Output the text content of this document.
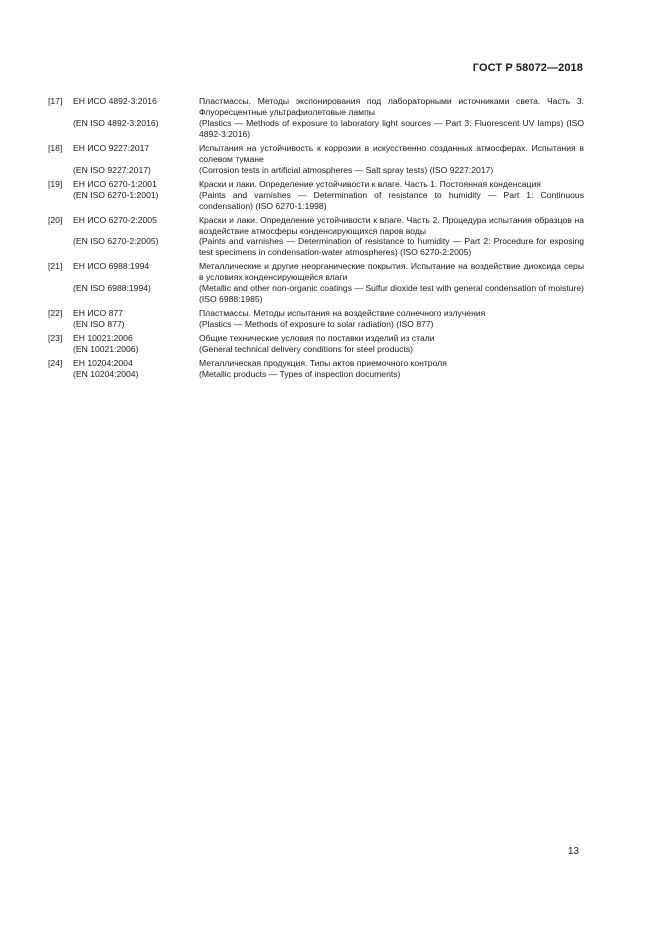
ГОСТ Р 58072—2018
[17]	ЕН ИСО 4892-3:2016	Пластмассы. Методы экспонирования под лабораторными источниками света. Часть 3. Флуоресцентные ультрафиолетовые лампы
(EN ISO 4892-3:2016)	(Plastics — Methods of exposure to laboratory light sources — Part 3: Fluorescent UV lamps) (ISO 4892-3:2016)
[18]	ЕН ИСО 9227:2017	Испытания на устойчивость к коррозии в искусственно созданных атмосферах. Испытания в солевом тумане
(EN ISO 9227:2017)	(Corrosion tests in artificial atmospheres — Salt spray tests) (ISO 9227:2017)
[19]	ЕН ИСО 6270-1:2001	Краски и лаки. Определение устойчивости к влаге. Часть 1. Постоянная конденсация
(EN ISO 6270-1:2001)	(Paints and varnishes — Determination of resistance to humidity — Part 1: Continuous condensation) (ISO 6270-1:1998)
[20]	ЕН ИСО 6270-2:2005	Краски и лаки. Определение устойчивости к влаге. Часть 2. Процедура испытания образцов на воздействие атмосферы конденсирующихся паров воды
(EN ISO 6270-2:2005)	(Paints and varnishes — Determination of resistance to humidity — Part 2: Procedure for exposing test specimens in condensation-water atmospheres) (ISO 6270-2:2005)
[21]	ЕН ИСО 6988:1994	Металлические и другие неорганические покрытия. Испытание на воздействие диоксида серы в условиях конденсирующейся влаги
(EN ISO 6988:1994)	(Metallic and other non-organic coatings — Sulfur dioxide test with general condensation of moisture) (ISO 6988:1985)
[22]	ЕН ИСО 877	Пластмассы. Методы испытания на воздействие солнечного излучения
(EN ISO 877)	(Plastics — Methods of exposure to solar radiation) (ISO 877)
[23]	ЕН 10021:2006	Общие технические условия по поставки изделий из стали
(EN 10021:2006)	(General technical delivery conditions for steel products)
[24]	ЕН 10204:2004	Металлическая продукция. Типы актов приемочного контроля
(EN 10204:2004)	(Metallic products — Types of inspection documents)
13
